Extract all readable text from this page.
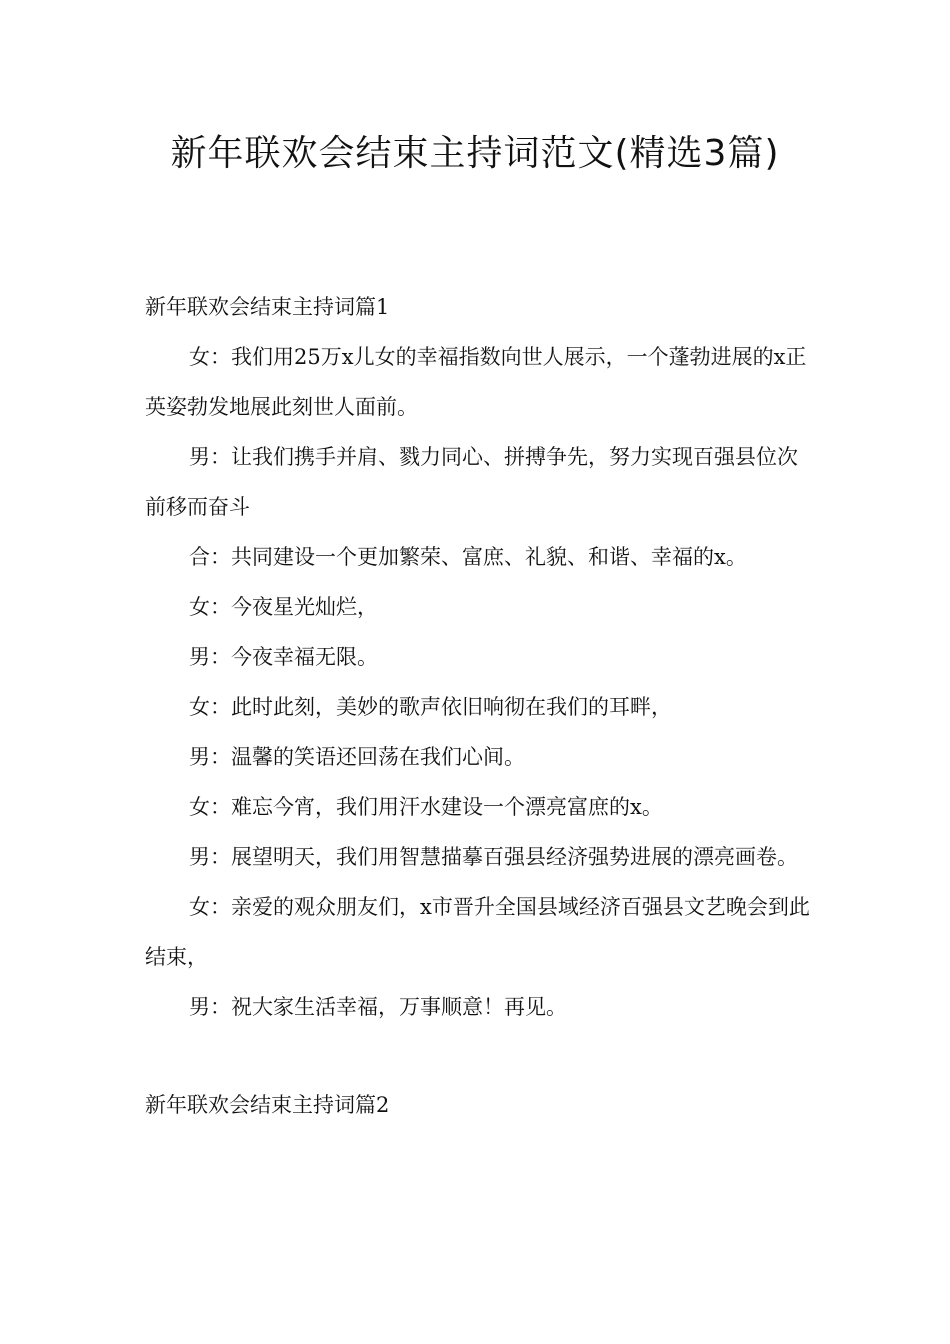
新年联欢会结束主持词范文(精选3篇)
新年联欢会结束主持词篇1

女：我们用25万x儿女的幸福指数向世人展示，一个蓬勃进展的x正英姿勃发地展此刻世人面前。

男：让我们携手并肩、戮力同心、拼搏争先，努力实现百强县位次前移而奋斗

合：共同建设一个更加繁荣、富庶、礼貌、和谐、幸福的x。

女：今夜星光灿烂，

男：今夜幸福无限。

女：此时此刻，美妙的歌声依旧响彻在我们的耳畔，

男：温馨的笑语还回荡在我们心间。

女：难忘今宵，我们用汗水建设一个漂亮富庶的x。

男：展望明天，我们用智慧描摹百强县经济强势进展的漂亮画卷。

女：亲爱的观众朋友们，x市晋升全国县域经济百强县文艺晚会到此结束，

男：祝大家生活幸福，万事顺意！再见。

新年联欢会结束主持词篇2
